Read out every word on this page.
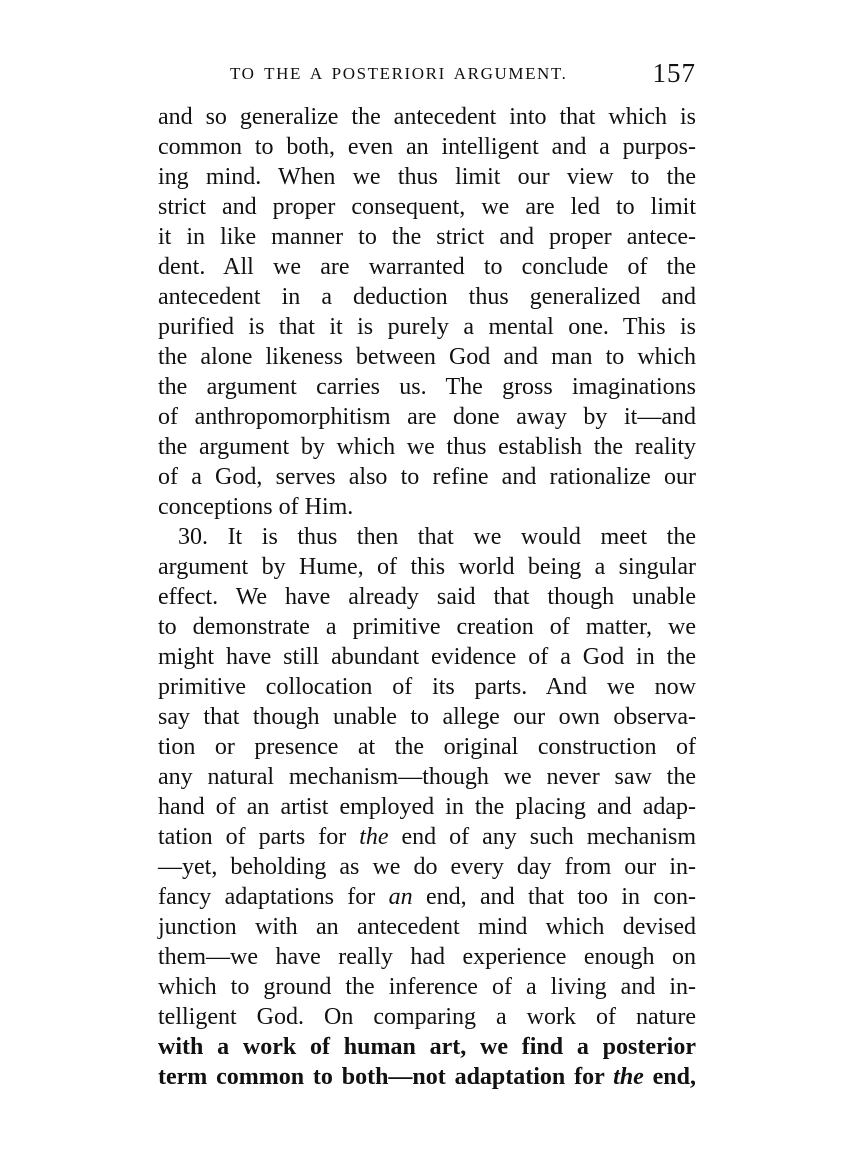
TO THE A POSTERIORI ARGUMENT.	157
and so generalize the antecedent into that which is
common to both, even an intelligent and a purpos-
ing mind. When we thus limit our view to the
strict and proper consequent, we are led to limit
it in like manner to the strict and proper antece-
dent. All we are warranted to conclude of the
antecedent in a deduction thus generalized and
purified is that it is purely a mental one. This is
the alone likeness between God and man to which
the argument carries us. The gross imaginations
of anthropomorphitism are done away by it—and
the argument by which we thus establish the reality
of a God, serves also to refine and rationalize our
conceptions of Him.
30. It is thus then that we would meet the
argument by Hume, of this world being a singular
effect. We have already said that though unable
to demonstrate a primitive creation of matter, we
might have still abundant evidence of a God in the
primitive collocation of its parts. And we now
say that though unable to allege our own observa-
tion or presence at the original construction of
any natural mechanism—though we never saw the
hand of an artist employed in the placing and adap-
tation of parts for the end of any such mechanism
—yet, beholding as we do every day from our in-
fancy adaptations for an end, and that too in con-
junction with an antecedent mind which devised
them—we have really had experience enough on
which to ground the inference of a living and in-
telligent God. On comparing a work of nature
with a work of human art, we find a posterior
term common to both—not adaptation for the end,
